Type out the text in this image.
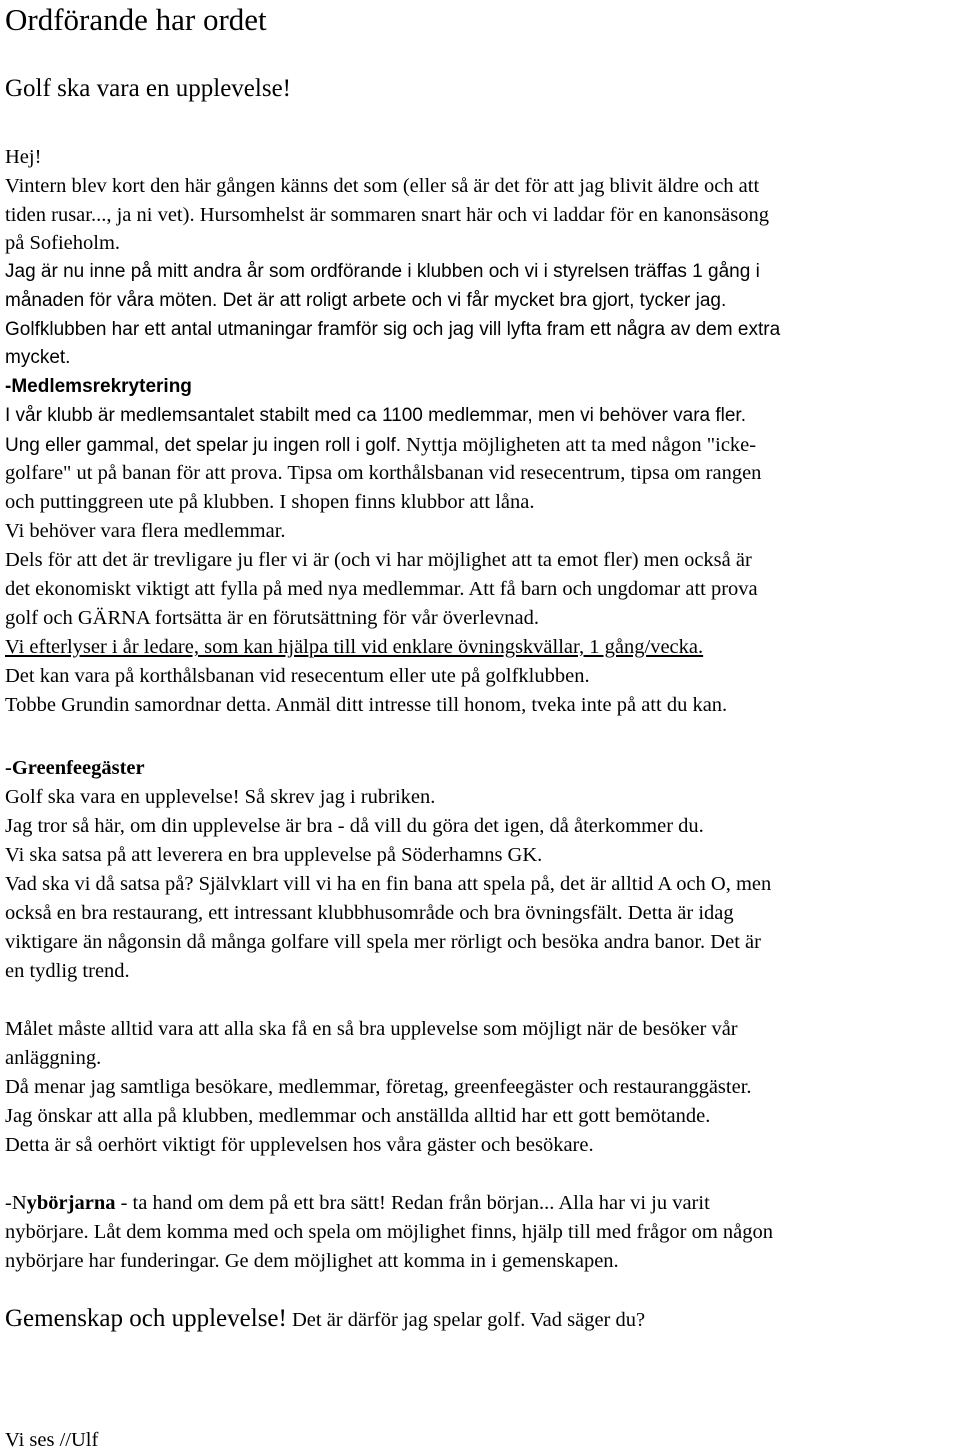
Ordförande har ordet
Golf ska vara en upplevelse!
Hej!
Vintern blev kort den här gången känns det som (eller så är det för att jag blivit äldre och att
tiden rusar..., ja ni vet). Hursomhelst är sommaren snart här och vi laddar för en kanonsäsong
på Sofieholm.
Jag är nu inne på mitt andra år som ordförande i klubben och vi i styrelsen träffas 1 gång i
månaden för våra möten. Det är att roligt arbete och vi får mycket bra gjort, tycker jag.
Golfklubben har ett antal utmaningar framför sig och jag vill lyfta fram ett några av dem extra
mycket.
-Medlemsrekrytering
I vår klubb är medlemsantalet stabilt med ca 1100 medlemmar, men vi behöver vara fler.
Ung eller gammal, det spelar ju ingen roll i golf. Nyttja möjligheten att ta med någon "icke-
golfare" ut på banan för att prova. Tipsa om korthålsbanan vid resecentrum, tipsa om rangen
och puttinggreen ute på klubben. I shopen finns klubbor att låna.
Vi behöver vara flera medlemmar.
Dels för att det är trevligare ju fler vi är (och vi har möjlighet att ta emot fler) men också är
det ekonomiskt viktigt att fylla på med nya medlemmar. Att få barn och ungdomar att prova
golf och GÄRNA fortsätta är en förutsättning för vår överlevnad.
Vi efterlyser i år ledare, som kan hjälpa till vid enklare övningskvällar, 1 gång/vecka.
Det kan vara på korthålsbanan vid resecentum eller ute på golfklubben.
Tobbe Grundin samordnar detta. Anmäl ditt intresse till honom, tveka inte på att du kan.
-Greenfeegäster
Golf ska vara en upplevelse! Så skrev jag i rubriken.
Jag tror så här, om din upplevelse är bra - då vill du göra det igen, då återkommer du.
Vi ska satsa på att leverera en bra upplevelse på Söderhamns GK.
Vad ska vi då satsa på? Självklart vill vi ha en fin bana att spela på, det är alltid A och O, men
också en bra restaurang, ett intressant klubbhusområde och bra övningsfält. Detta är idag
viktigare än någonsin då många golfare vill spela mer rörligt och besöka andra banor. Det är
en tydlig trend.
Målet måste alltid vara att alla ska få en så bra upplevelse som möjligt när de besöker vår
anläggning.
Då menar jag samtliga besökare, medlemmar, företag, greenfeegäster och restauranggäster.
Jag önskar att alla på klubben, medlemmar och anställda alltid har ett gott bemötande.
Detta är så oerhört viktigt för upplevelsen hos våra gäster och besökare.
-Nybörjarna - ta hand om dem på ett bra sätt! Redan från början... Alla har vi ju varit
nybörjare. Låt dem komma med och spela om möjlighet finns, hjälp till med frågor om någon
nybörjare har funderingar. Ge dem möjlighet att komma in i gemenskapen.
Gemenskap och upplevelse! Det är därför jag spelar golf. Vad säger du?
Vi ses //Ulf
